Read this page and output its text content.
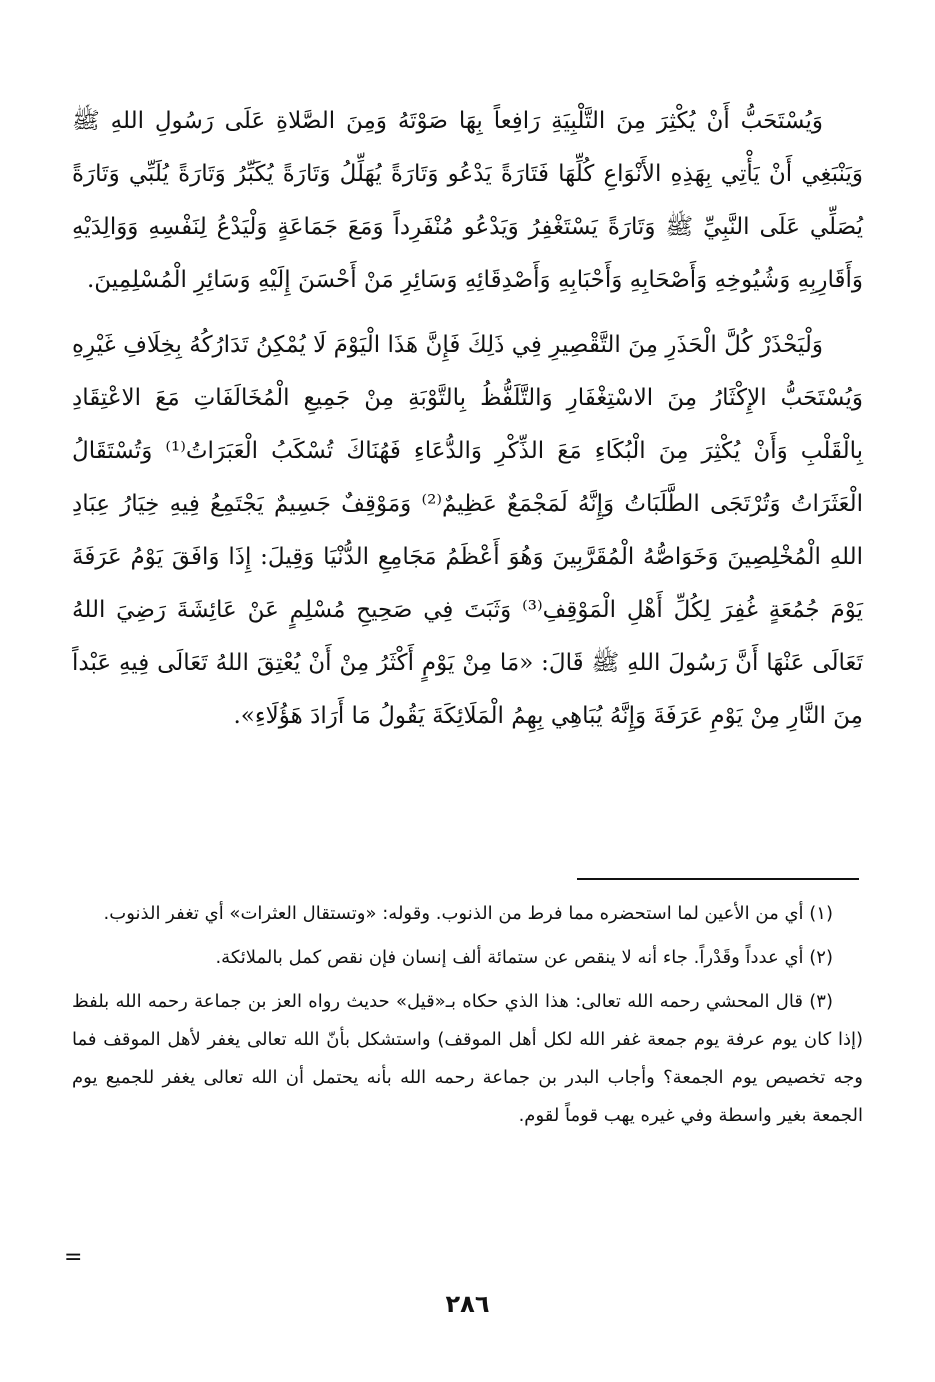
وَيُسْتَحَبُّ أَنْ يُكْثِرَ مِنَ التَّلْبِيَةِ رَافِعاً بِهَا صَوْتَهُ وَمِنَ الصَّلاةِ عَلَى رَسُولِ اللهِ ﷺ وَيَنْبَغِي أَنْ يَأْتِي بِهَذِهِ الأَنْوَاعِ كُلِّهَا فَتَارَةً يَدْعُو وَتَارَةً يُهَلِّلُ وَتَارَةً يُكَبِّرُ وَتَارَةً يُلَبِّي وَتَارَةً يُصَلِّي عَلَى النَّبِيِّ ﷺ وَتَارَةً يَسْتَغْفِرُ وَيَدْعُو مُنْفَرِداً وَمَعَ جَمَاعَةٍ وَلْيَدْعُ لِنَفْسِهِ وَوَالِدَيْهِ وَأَقَارِبِهِ وَشُيُوخِهِ وَأَصْحَابِهِ وَأَحْبَابِهِ وَأَصْدِقَائِهِ وَسَائِرِ مَنْ أَحْسَنَ إِلَيْهِ وَسَائِرِ الْمُسْلِمِينَ.

وَلْيَحْذَرْ كُلَّ الْحَذَرِ مِنَ التَّقْصِيرِ فِي ذَلِكَ فَإِنَّ هَذَا الْيَوْمَ لَا يُمْكِنُ تَدَارُكُهُ بِخِلَافِ غَيْرِهِ وَيُسْتَحَبُّ الإِكْثَارُ مِنَ الاسْتِغْفَارِ وَالتَّلَفُّظُ بِالتَّوْبَةِ مِنْ جَمِيعِ الْمُخَالَفَاتِ مَعَ الاعْتِقَادِ بِالْقَلْبِ وَأَنْ يُكْثِرَ مِنَ الْبُكَاءِ مَعَ الذِّكْرِ وَالدُّعَاءِ فَهُنَاكَ تُسْكَبُ الْعَبَرَاتُ⁽¹⁾ وَتُسْتَقَالُ الْعَثَرَاتُ وَتُرْتَجَى الطَّلَبَاتُ وَإِنَّهُ لَمَجْمَعٌ عَظِيمٌ⁽²⁾ وَمَوْقِفٌ جَسِيمٌ يَجْتَمِعُ فِيهِ خِيَارُ عِبَادِ اللهِ الْمُخْلِصِينَ وَخَوَاصُّهُ الْمُقَرَّبِينَ وَهُوَ أَعْظَمُ مَجَامِعِ الدُّنْيَا وَقِيلَ: إِذَا وَافَقَ يَوْمُ عَرَفَةَ يَوْمَ جُمُعَةٍ غُفِرَ لِكُلِّ أَهْلِ الْمَوْقِفِ⁽³⁾ وَثَبَتَ فِي صَحِيحِ مُسْلِمٍ عَنْ عَائِشَةَ رَضِيَ اللهُ تَعَالَى عَنْهَا أَنَّ رَسُولَ اللهِ ﷺ قَالَ: «مَا مِنْ يَوْمٍ أَكْثَرُ مِنْ أَنْ يُعْتِقَ اللهُ تَعَالَى فِيهِ عَبْداً مِنَ النَّارِ مِنْ يَوْمِ عَرَفَةَ وَإِنَّهُ يُبَاهِي بِهِمُ الْمَلَائِكَةَ يَقُولُ مَا أَرَادَ هَؤُلَاءِ».

(١) أي من الأعين لما استحضره مما فرط من الذنوب. وقوله: «وتستقال العثرات» أي تغفر الذنوب.

(٢) أي عدداً وقَدْراً. جاء أنه لا ينقص عن ستمائة ألف إنسان فإن نقص كمل بالملائكة.

(٣) قال المحشي رحمه الله تعالى: هذا الذي حكاه بـ«قيل» حديث رواه العز بن جماعة رحمه الله بلفظ (إذا كان يوم عرفة يوم جمعة غفر الله لكل أهل الموقف) واستشكل بأنّ الله تعالى يغفر لأهل الموقف فما وجه تخصيص يوم الجمعة؟ وأجاب البدر بن جماعة رحمه الله بأنه يحتمل أن الله تعالى يغفر للجميع يوم الجمعة بغير واسطة وفي غيره يهب قوماً لقوم.

=
٢٨٦
